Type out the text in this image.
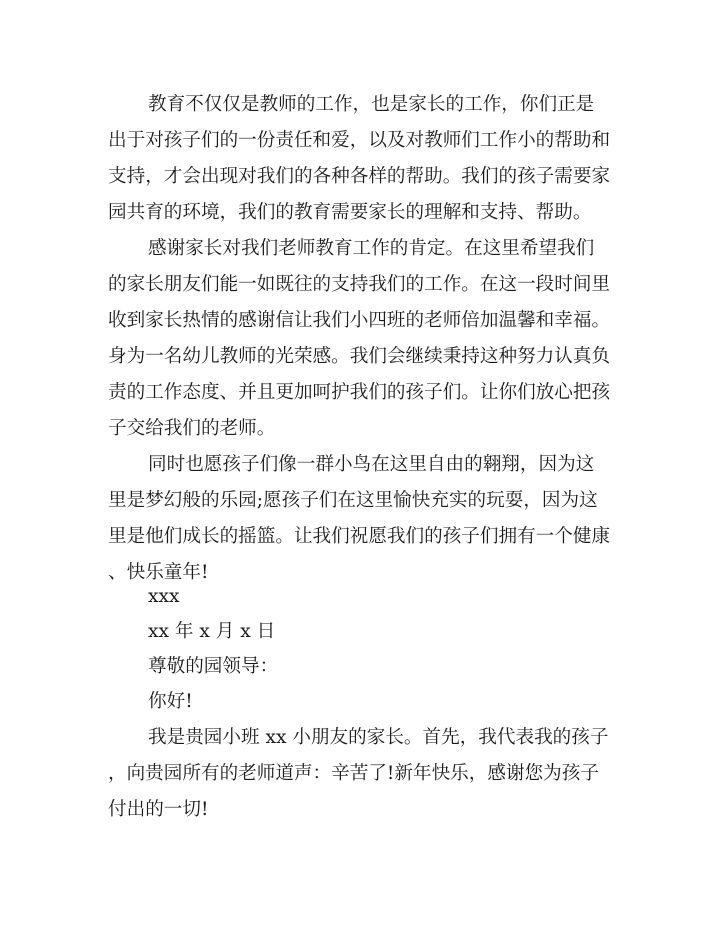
教育不仅仅是教师的工作，也是家长的工作，你们正是
出于对孩子们的一份责任和爱，以及对教师们工作小的帮助和
支持，才会出现对我们的各种各样的帮助。我们的孩子需要家
园共育的环境，我们的教育需要家长的理解和支持、帮助。
感谢家长对我们老师教育工作的肯定。在这里希望我们
的家长朋友们能一如既往的支持我们的工作。在这一段时间里
收到家长热情的感谢信让我们小四班的老师倍加温馨和幸福。
身为一名幼儿教师的光荣感。我们会继续秉持这种努力认真负
责的工作态度、并且更加呵护我们的孩子们。让你们放心把孩
子交给我们的老师。
同时也愿孩子们像一群小鸟在这里自由的翱翔，因为这
里是梦幻般的乐园;愿孩子们在这里愉快充实的玩耍，因为这
里是他们成长的摇篮。让我们祝愿我们的孩子们拥有一个健康
、快乐童年!
xxx
xx 年 x 月 x 日
尊敬的园领导：
你好!
我是贵园小班 xx 小朋友的家长。首先，我代表我的孩子
，向贵园所有的老师道声：辛苦了!新年快乐，感谢您为孩子
付出的一切!
